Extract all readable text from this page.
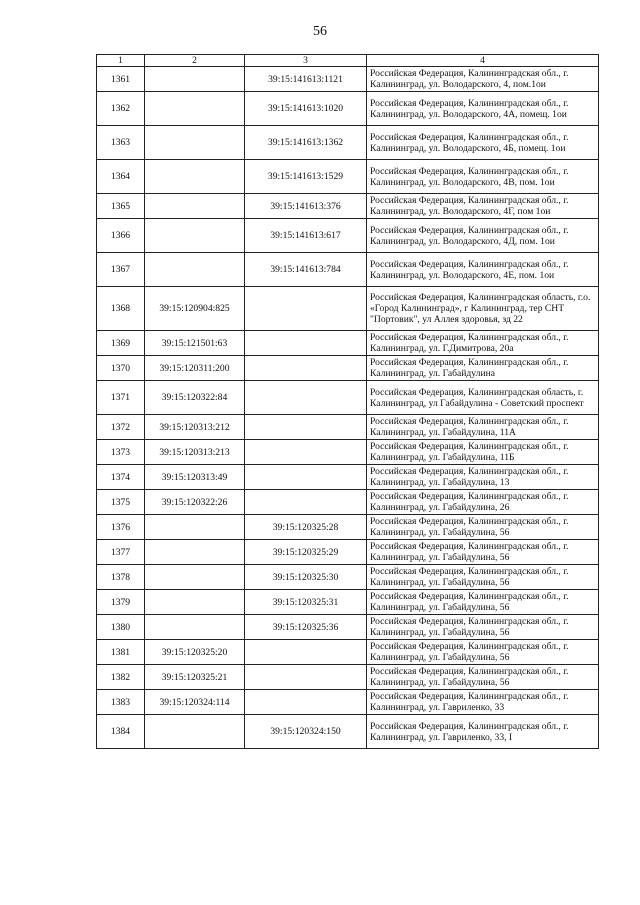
56
1	2	3	4
1361		39:15:141613:1121	Российская Федерация, Калининградская обл., г. Калининград, ул. Володарского, 4, пом.1ои
1362		39:15:141613:1020	Российская Федерация, Калининградская обл., г. Калининград, ул. Володарского, 4А, помещ. 1ои
1363		39:15:141613:1362	Российская Федерация, Калининградская обл., г. Калининград, ул. Володарского, 4Б, помещ. 1ои
1364		39:15:141613:1529	Российская Федерация, Калининградская обл., г. Калининград, ул. Володарского, 4В, пом. 1ои
1365		39:15:141613:376	Российская Федерация, Калининградская обл., г. Калининград, ул. Володарского, 4Г, пом 1ои
1366		39:15:141613:617	Российская Федерация, Калининградская обл., г. Калининград, ул. Володарского, 4Д, пом. 1ои
1367		39:15:141613:784	Российская Федерация, Калининградская обл., г. Калининград, ул. Володарского, 4Е, пом. 1ои
1368	39:15:120904:825		Российская Федерация, Калининградская область, г.о. «Город Калининград», г Калининград, тер СНТ "Портовик", ул Аллея здоровья, зд 22
1369	39:15:121501:63		Российская Федерация, Калининградская обл., г. Калининград, ул. Г.Димитрова, 20а
1370	39:15:120311:200		Российская Федерация, Калининградская обл., г. Калининград, ул. Габайдулина
1371	39:15:120322:84		Российская Федерация, Калининградская область, г. Калининград, ул Габайдулина - Советский проспект
1372	39:15:120313:212		Российская Федерация, Калининградская обл., г. Калининград, ул. Габайдулина, 11А
1373	39:15:120313:213		Российская Федерация, Калининградская обл., г. Калининград, ул. Габайдулина, 11Б
1374	39:15:120313:49		Российская Федерация, Калининградская обл., г. Калининград, ул. Габайдулина, 13
1375	39:15:120322:26		Российская Федерация, Калининградская обл., г. Калининград, ул. Габайдулина, 26
1376		39:15:120325:28	Российская Федерация, Калининградская обл., г. Калининград, ул. Габайдулина, 56
1377		39:15:120325:29	Российская Федерация, Калининградская обл., г. Калининград, ул. Габайдулина, 56
1378		39:15:120325:30	Российская Федерация, Калининградская обл., г. Калининград, ул. Габайдулина, 56
1379		39:15:120325:31	Российская Федерация, Калининградская обл., г. Калининград, ул. Габайдулина, 56
1380		39:15:120325:36	Российская Федерация, Калининградская обл., г. Калининград, ул. Габайдулина, 56
1381	39:15:120325:20		Российская Федерация, Калининградская обл., г. Калининград, ул. Габайдулина, 56
1382	39:15:120325:21		Российская Федерация, Калининградская обл., г. Калининград, ул. Габайдулина, 56
1383	39:15:120324:114		Российская Федерация, Калининградская обл., г. Калининград, ул. Гавриленко, 33
1384		39:15:120324:150	Российская Федерация, Калининградская обл., г. Калининград, ул. Гавриленко, 33, I
